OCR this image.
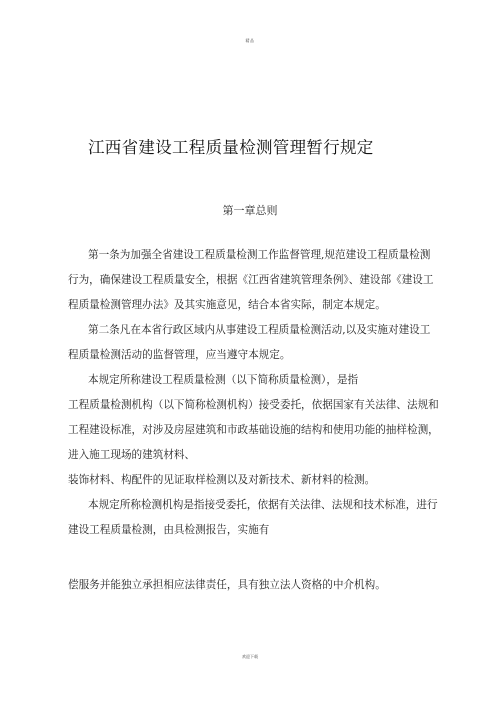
精品
江西省建设工程质量检测管理暂行规定
第一章总则
第一条为加强全省建设工程质量检测工作监督管理,规范建设工程质量检测
行为，确保建设工程质量安全，根据《江西省建筑管理条例》、建设部《建设工
程质量检测管理办法》及其实施意见，结合本省实际，制定本规定。
第二条凡在本省行政区域内从事建设工程质量检测活动,以及实施对建设工
程质量检测活动的监督管理，应当遵守本规定。
本规定所称建设工程质量检测（以下简称质量检测），是指
工程质量检测机构（以下简称检测机构）接受委托，依据国家有关法律、法规和
工程建设标准，对涉及房屋建筑和市政基础设施的结构和使用功能的抽样检测，
进入施工现场的建筑材料、
装饰材料、构配件的见证取样检测以及对新技术、新材料的检测。
本规定所称检测机构是指接受委托，依据有关法律、法规和技术标准，进行
建设工程质量检测，由具检测报告，实施有
偿服务并能独立承担相应法律责任，具有独立法人资格的中介机构。
欢迎下载
